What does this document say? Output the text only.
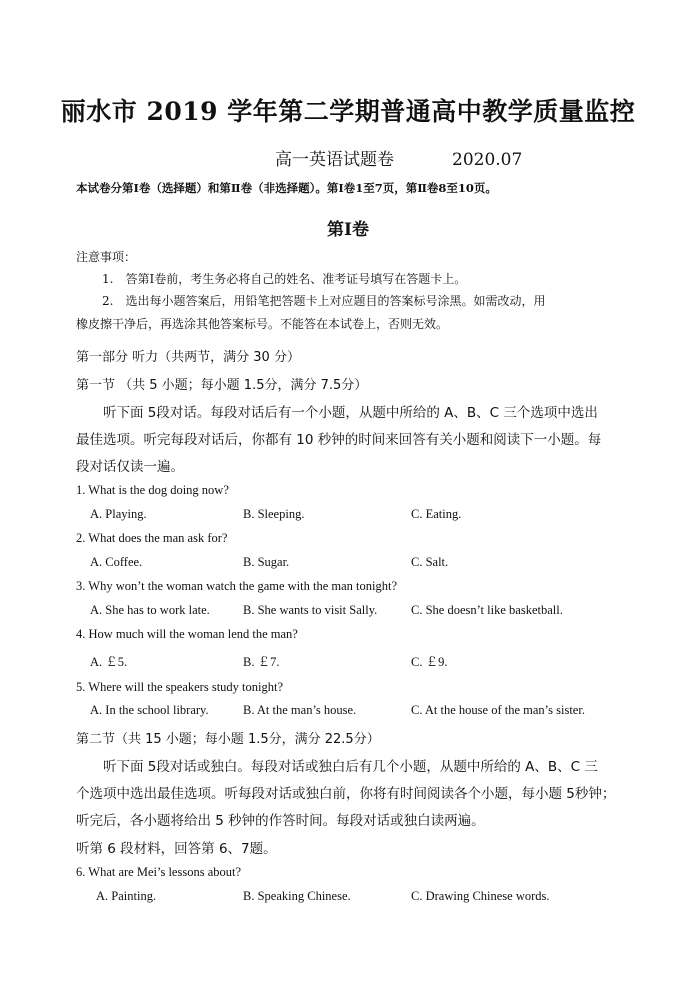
丽水市 2019 学年第二学期普通高中教学质量监控
高一英语试题卷	2020.07
本试卷分第Ⅰ卷（选择题）和第Ⅱ卷（非选择题）。第Ⅰ卷1至7页，第Ⅱ卷8至10页。
第Ⅰ卷
注意事项：
1.　答第Ⅰ卷前，考生务必将自己的姓名、准考证号填写在答题卡上。
2.　选出每小题答案后，用铅笔把答题卡上对应题目的答案标号涂黑。如需改动，用
橡皮擦干净后，再选涂其他答案标号。不能答在本试卷上，否则无效。
第一部分 听力（共两节，满分 30 分）
第一节 （共 5 小题；每小题 1.5分，满分 7.5分）
听下面 5段对话。每段对话后有一个小题，从题中所给的 A、B、C 三个选项中选出
最佳选项。听完每段对话后，你都有 10 秒钟的时间来回答有关小题和阅读下一小题。每
段对话仅读一遍。
1. What is the dog doing now?
A. Playing.	B. Sleeping.	C. Eating.
2. What does the man ask for?
A. Coffee.	B. Sugar.	C. Salt.
3. Why won’t the woman watch the game with the man tonight?
A. She has to work late.	B. She wants to visit Sally.	C. She doesn’t like basketball.
4. How much will the woman lend the man?
A. ￡5.	B. ￡7.	C. ￡9.
5. Where will the speakers study tonight?
A. In the school library.	B. At the man’s house.	C. At the house of the man’s sister.
第二节（共 15 小题；每小题 1.5分，满分 22.5分）
听下面 5段对话或独白。每段对话或独白后有几个小题，从题中所给的 A、B、C 三
个选项中选出最佳选项。听每段对话或独白前，你将有时间阅读各个小题，每小题 5秒钟；
听完后，各小题将给出 5 秒钟的作答时间。每段对话或独白读两遍。
听第 6 段材料，回答第 6、7题。
6. What are Mei’s lessons about?
A. Painting.	B. Speaking Chinese.	C. Drawing Chinese words.
